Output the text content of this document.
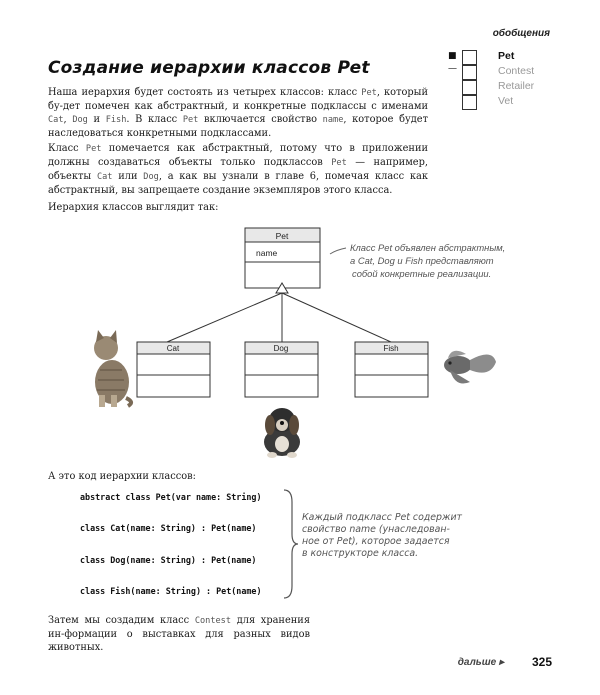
обобщения
Создание иерархии классов Pet
■—
Pet
Contest
Retailer
Vet

Наша иерархия будет состоять из четырех классов: класс Pet, который бу-дет помечен как абстрактный, и конкретные подклассы с именами Cat, Dog и Fish. В класс Pet включается свойство name, которое будет наследоваться конкретными подклассами.

Класс Pet помечается как абстрактный, потому что в приложении должны создаваться объекты только подклассов Pet — например, объекты Cat или Dog, а как вы узнали в главе 6, помечая класс как абстрактный, вы запрещаете создание экземпляров этого класса.

Иерархия классов выглядит так:

Pet
name
Cat	Dog	Fish
Класс Pet объявлен абстрактным,
а Cat, Dog и Fish представляют
собой конкретные реализации.

А это код иерархии классов:

abstract class Pet(var name: String)
class Cat(name: String) : Pet(name)
class Dog(name: String) : Pet(name)
class Fish(name: String) : Pet(name)
Каждый подкласс Pet содержит
свойство name (унаследован-
ное от Pet), которое задается
в конструкторе класса.

Затем мы создадим класс Contest для хранения ин-формации о выставках для разных видов животных.

дальше ▸ 325
